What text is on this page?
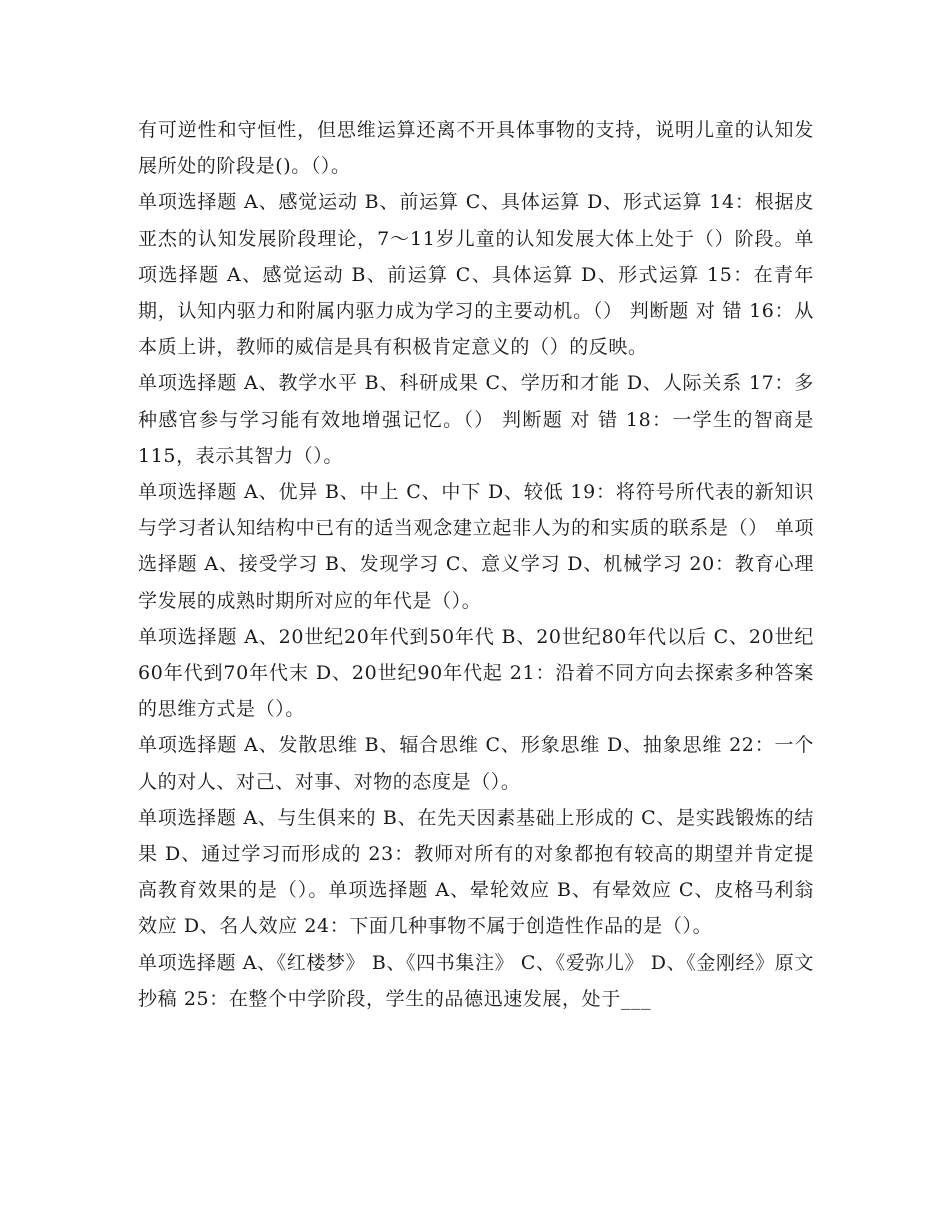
有可逆性和守恒性，但思维运算还离不开具体事物的支持，说明儿童的认知发展所处的阶段是()。（）。

单项选择题 A、感觉运动 B、前运算 C、具体运算 D、形式运算 14：根据皮亚杰的认知发展阶段理论，7～11岁儿童的认知发展大体上处于（）阶段。单项选择题 A、感觉运动 B、前运算 C、具体运算 D、形式运算 15：在青年期，认知内驱力和附属内驱力成为学习的主要动机。（） 判断题 对 错 16：从本质上讲，教师的威信是具有积极肯定意义的（）的反映。

单项选择题 A、教学水平 B、科研成果 C、学历和才能 D、人际关系 17：多种感官参与学习能有效地增强记忆。（） 判断题 对 错 18：一学生的智商是115，表示其智力（）。

单项选择题 A、优异 B、中上 C、中下 D、较低 19：将符号所代表的新知识与学习者认知结构中已有的适当观念建立起非人为的和实质的联系是（） 单项选择题 A、接受学习 B、发现学习 C、意义学习 D、机械学习 20：教育心理学发展的成熟时期所对应的年代是（）。

单项选择题 A、20世纪20年代到50年代 B、20世纪80年代以后 C、20世纪60年代到70年代末 D、20世纪90年代起 21：沿着不同方向去探索多种答案的思维方式是（）。

单项选择题 A、发散思维 B、辐合思维 C、形象思维 D、抽象思维 22：一个人的对人、对己、对事、对物的态度是（）。

单项选择题 A、与生俱来的 B、在先天因素基础上形成的 C、是实践锻炼的结果 D、通过学习而形成的 23：教师对所有的对象都抱有较高的期望并肯定提高教育效果的是（）。单项选择题 A、晕轮效应 B、有晕效应 C、皮格马利翁效应 D、名人效应 24：下面几种事物不属于创造性作品的是（）。

单项选择题 A、《红楼梦》 B、《四书集注》 C、《爱弥儿》 D、《金刚经》原文抄稿 25：在整个中学阶段，学生的品德迅速发展，处于___
